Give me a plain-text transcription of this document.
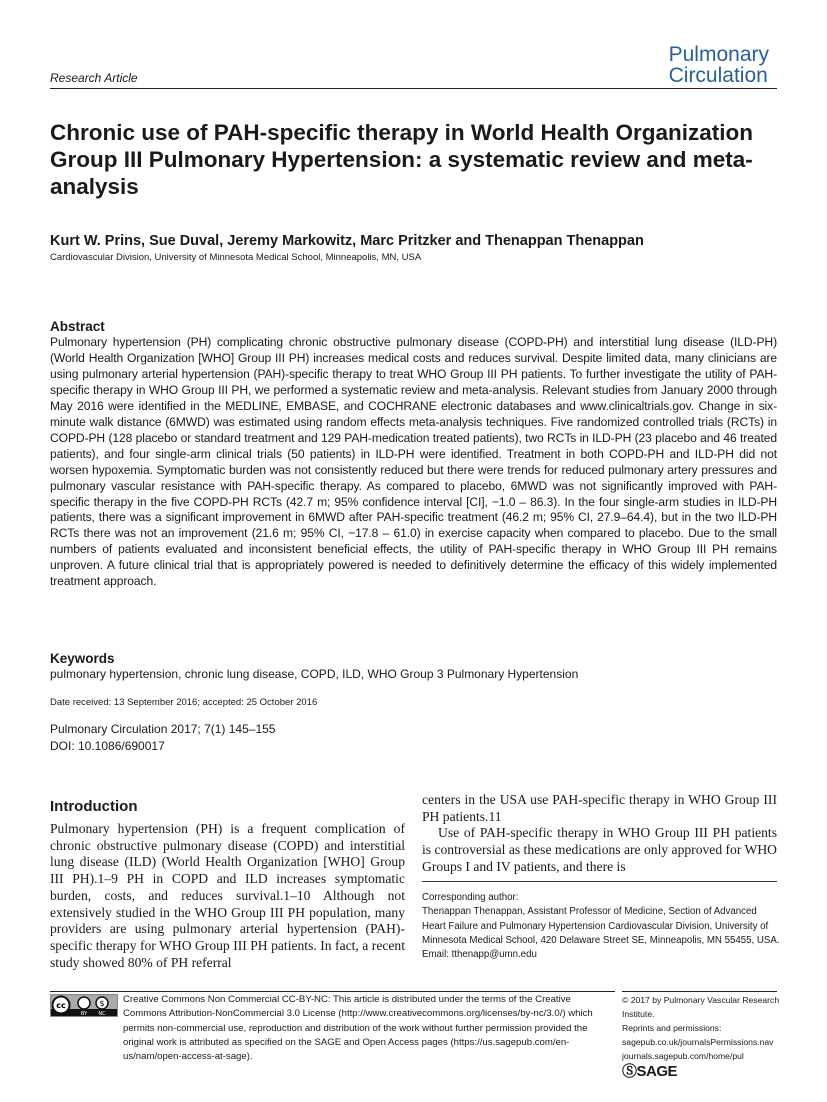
Pulmonary
Circulation
Research Article
Chronic use of PAH-specific therapy in World Health Organization Group III Pulmonary Hypertension: a systematic review and meta-analysis
Kurt W. Prins, Sue Duval, Jeremy Markowitz, Marc Pritzker and Thenappan Thenappan
Cardiovascular Division, University of Minnesota Medical School, Minneapolis, MN, USA
Abstract

Pulmonary hypertension (PH) complicating chronic obstructive pulmonary disease (COPD-PH) and interstitial lung disease (ILD-PH) (World Health Organization [WHO] Group III PH) increases medical costs and reduces survival. Despite limited data, many clinicians are using pulmonary arterial hypertension (PAH)-specific therapy to treat WHO Group III PH patients. To further investigate the utility of PAH-specific therapy in WHO Group III PH, we performed a systematic review and meta-analysis. Relevant studies from January 2000 through May 2016 were identified in the MEDLINE, EMBASE, and COCHRANE electronic databases and www.clinicaltrials.gov. Change in six-minute walk distance (6MWD) was estimated using random effects meta-analysis techniques. Five randomized controlled trials (RCTs) in COPD-PH (128 placebo or standard treatment and 129 PAH-medication treated patients), two RCTs in ILD-PH (23 placebo and 46 treated patients), and four single-arm clinical trials (50 patients) in ILD-PH were identified. Treatment in both COPD-PH and ILD-PH did not worsen hypoxemia. Symptomatic burden was not consistently reduced but there were trends for reduced pulmonary artery pressures and pulmonary vascular resistance with PAH-specific therapy. As compared to placebo, 6MWD was not significantly improved with PAH-specific therapy in the five COPD-PH RCTs (42.7 m; 95% confidence interval [CI], −1.0 – 86.3). In the four single-arm studies in ILD-PH patients, there was a significant improvement in 6MWD after PAH-specific treatment (46.2 m; 95% CI, 27.9–64.4), but in the two ILD-PH RCTs there was not an improvement (21.6 m; 95% CI, −17.8 – 61.0) in exercise capacity when compared to placebo. Due to the small numbers of patients evaluated and inconsistent beneficial effects, the utility of PAH-specific therapy in WHO Group III PH remains unproven. A future clinical trial that is appropriately powered is needed to definitively determine the efficacy of this widely implemented treatment approach.

Keywords

pulmonary hypertension, chronic lung disease, COPD, ILD, WHO Group 3 Pulmonary Hypertension

Date received: 13 September 2016; accepted: 25 October 2016
Pulmonary Circulation 2017; 7(1) 145–155
DOI: 10.1086/690017
Introduction

Pulmonary hypertension (PH) is a frequent complication of chronic obstructive pulmonary disease (COPD) and interstitial lung disease (ILD) (World Health Organization [WHO] Group III PH).1–9 PH in COPD and ILD increases symptomatic burden, costs, and reduces survival.1–10 Although not extensively studied in the WHO Group III PH population, many providers are using pulmonary arterial hypertension (PAH)-specific therapy for WHO Group III PH patients. In fact, a recent study showed 80% of PH referral

centers in the USA use PAH-specific therapy in WHO Group III PH patients.11

Use of PAH-specific therapy in WHO Group III PH patients is controversial as these medications are only approved for WHO Groups I and IV patients, and there is

Corresponding author:
Thenappan Thenappan, Assistant Professor of Medicine, Section of Advanced Heart Failure and Pulmonary Hypertension Cardiovascular Division, University of Minnesota Medical School, 420 Delaware Street SE, Minneapolis, MN 55455, USA.
Email: tthenapp@umn.edu

Creative Commons Non Commercial CC-BY-NC: This article is distributed under the terms of the Creative Commons Attribution-NonCommercial 3.0 License (http://www.creativecommons.org/licenses/by-nc/3.0/) which permits non-commercial use, reproduction and distribution of the work without further permission provided the original work is attributed as specified on the SAGE and Open Access pages (https://us.sagepub.com/en-us/nam/open-access-at-sage).

cc	$
BY NC
© 2017 by Pulmonary Vascular Research Institute.
Reprints and permissions:
sagepub.co.uk/journalsPermissions.nav
journals.sagepub.com/home/pul
ⓈSAGE
